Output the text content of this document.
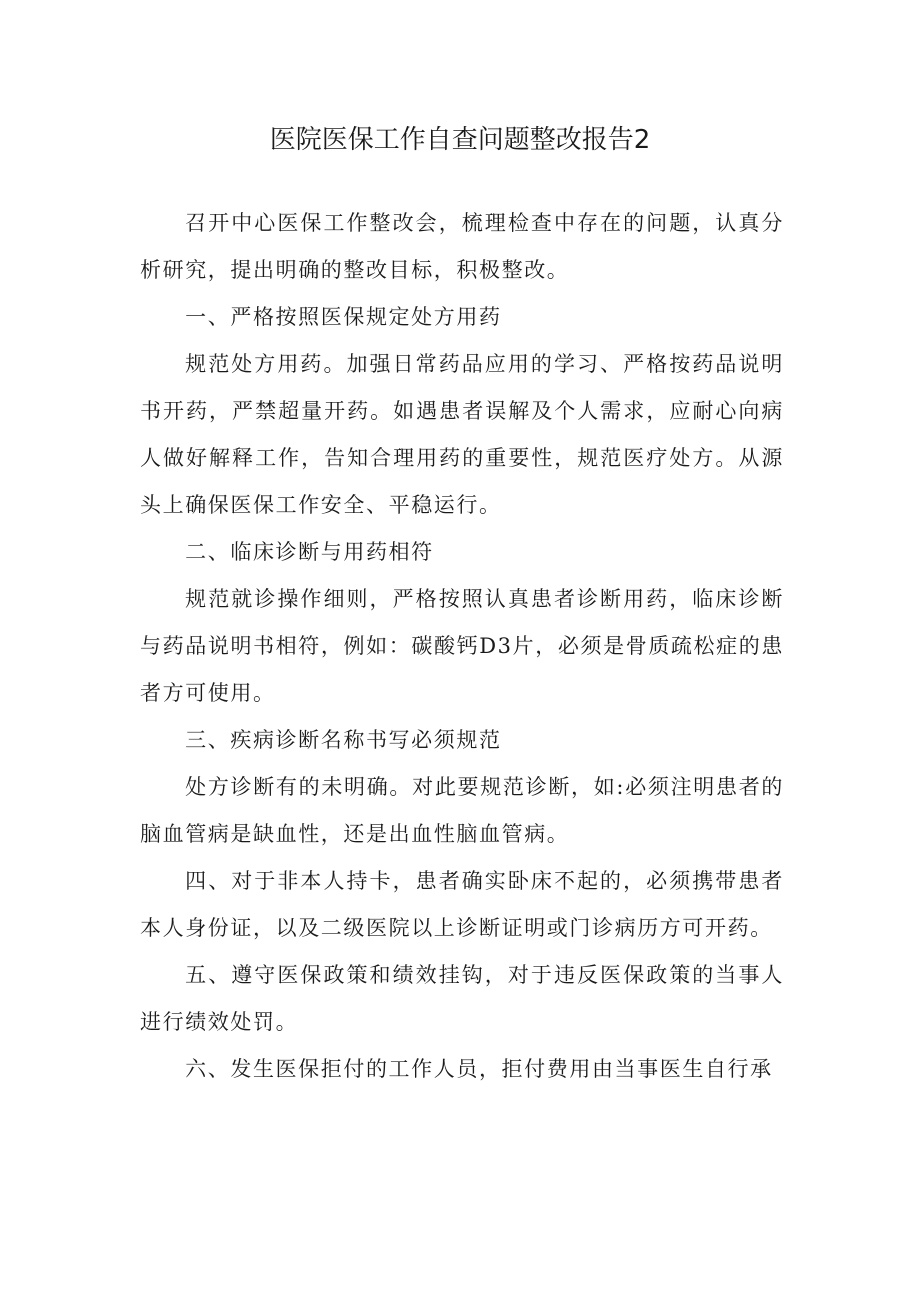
医院医保工作自查问题整改报告2

召开中心医保工作整改会，梳理检查中存在的问题，认真分析研究，提出明确的整改目标，积极整改。

一、严格按照医保规定处方用药

规范处方用药。加强日常药品应用的学习、严格按药品说明书开药，严禁超量开药。如遇患者误解及个人需求，应耐心向病人做好解释工作，告知合理用药的重要性，规范医疗处方。从源头上确保医保工作安全、平稳运行。

二、临床诊断与用药相符

规范就诊操作细则，严格按照认真患者诊断用药，临床诊断与药品说明书相符，例如：碳酸钙D3片，必须是骨质疏松症的患者方可使用。

三、疾病诊断名称书写必须规范

处方诊断有的未明确。对此要规范诊断，如:必须注明患者的脑血管病是缺血性，还是出血性脑血管病。

四、对于非本人持卡，患者确实卧床不起的，必须携带患者本人身份证，以及二级医院以上诊断证明或门诊病历方可开药。

五、遵守医保政策和绩效挂钩，对于违反医保政策的当事人进行绩效处罚。

六、发生医保拒付的工作人员，拒付费用由当事医生自行承
